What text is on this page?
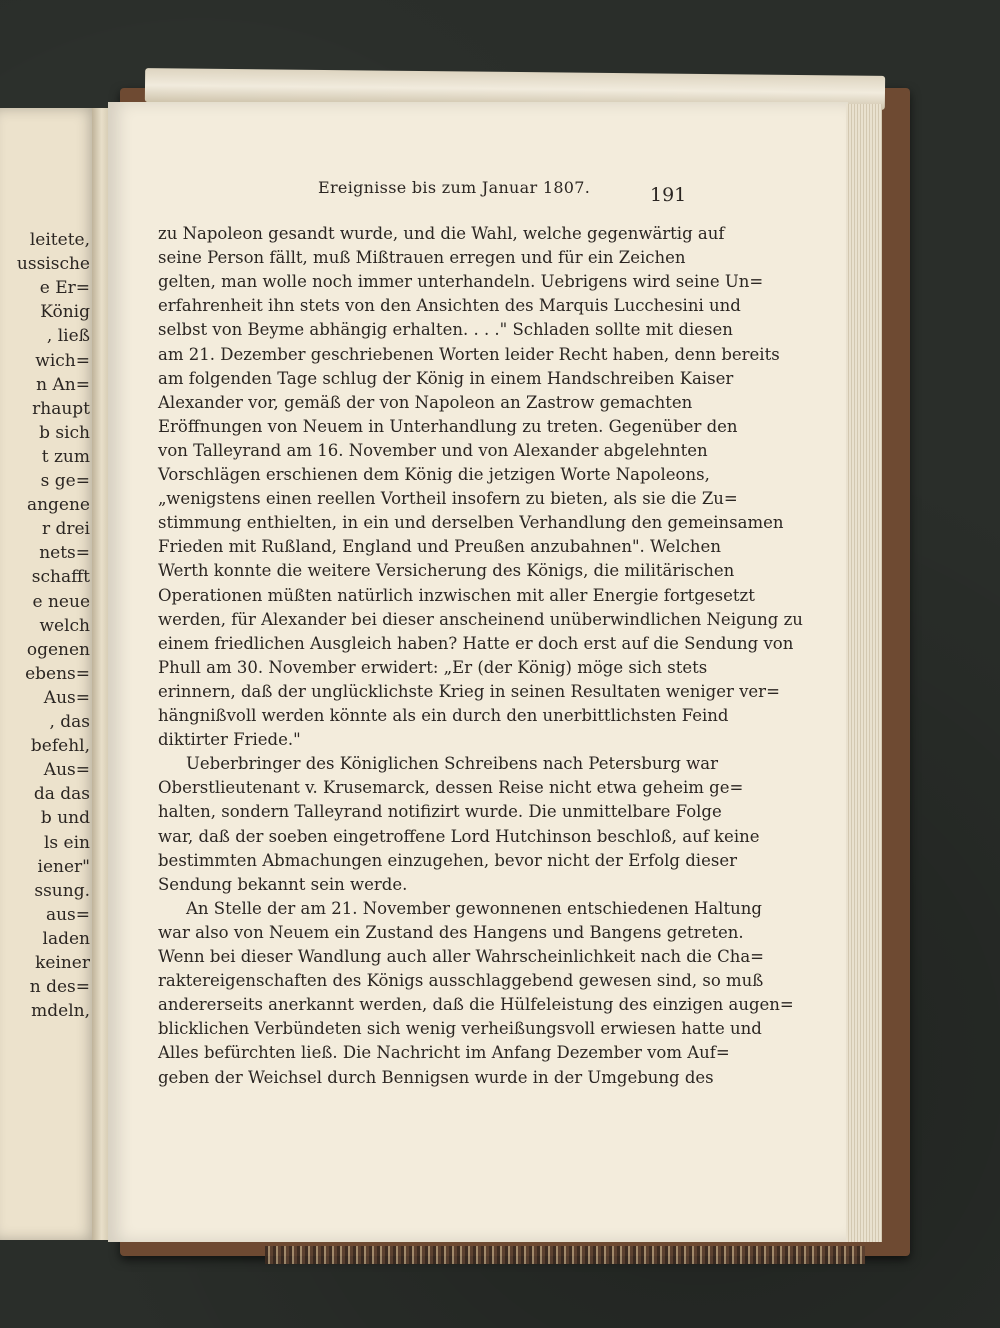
leitete,
ussische
e Er=
König
, ließ
wich=
n An=
rhaupt
b sich
t zum
s ge=
angene
r drei
nets=
schafft
e neue
welch
ogenen
ebens=
Aus=
, das
befehl,
Aus=
da das
b und
ls ein
iener"
ssung.
aus=
laden
keiner
n des=
mdeln,
Ereignisse bis zum Januar 1807.	191
zu Napoleon gesandt wurde, und die Wahl, welche gegenwärtig auf
seine Person fällt, muß Mißtrauen erregen und für ein Zeichen
gelten, man wolle noch immer unterhandeln. Uebrigens wird seine Un=
erfahrenheit ihn stets von den Ansichten des Marquis Lucchesini und
selbst von Beyme abhängig erhalten. . . ." Schladen sollte mit diesen
am 21. Dezember geschriebenen Worten leider Recht haben, denn bereits
am folgenden Tage schlug der König in einem Handschreiben Kaiser
Alexander vor, gemäß der von Napoleon an Zastrow gemachten
Eröffnungen von Neuem in Unterhandlung zu treten. Gegenüber den
von Talleyrand am 16. November und von Alexander abgelehnten
Vorschlägen erschienen dem König die jetzigen Worte Napoleons,
„wenigstens einen reellen Vortheil insofern zu bieten, als sie die Zu=
stimmung enthielten, in ein und derselben Verhandlung den gemeinsamen
Frieden mit Rußland, England und Preußen anzubahnen". Welchen
Werth konnte die weitere Versicherung des Königs, die militärischen
Operationen müßten natürlich inzwischen mit aller Energie fortgesetzt
werden, für Alexander bei dieser anscheinend unüberwindlichen Neigung zu
einem friedlichen Ausgleich haben? Hatte er doch erst auf die Sendung von
Phull am 30. November erwidert: „Er (der König) möge sich stets
erinnern, daß der unglücklichste Krieg in seinen Resultaten weniger ver=
hängnißvoll werden könnte als ein durch den unerbittlichsten Feind
diktirter Friede."
Ueberbringer des Königlichen Schreibens nach Petersburg war
Oberstlieutenant v. Krusemarck, dessen Reise nicht etwa geheim ge=
halten, sondern Talleyrand notifizirt wurde. Die unmittelbare Folge
war, daß der soeben eingetroffene Lord Hutchinson beschloß, auf keine
bestimmten Abmachungen einzugehen, bevor nicht der Erfolg dieser
Sendung bekannt sein werde.
An Stelle der am 21. November gewonnenen entschiedenen Haltung
war also von Neuem ein Zustand des Hangens und Bangens getreten.
Wenn bei dieser Wandlung auch aller Wahrscheinlichkeit nach die Cha=
raktereigenschaften des Königs ausschlaggebend gewesen sind, so muß
andererseits anerkannt werden, daß die Hülfeleistung des einzigen augen=
blicklichen Verbündeten sich wenig verheißungsvoll erwiesen hatte und
Alles befürchten ließ. Die Nachricht im Anfang Dezember vom Auf=
geben der Weichsel durch Bennigsen wurde in der Umgebung des
